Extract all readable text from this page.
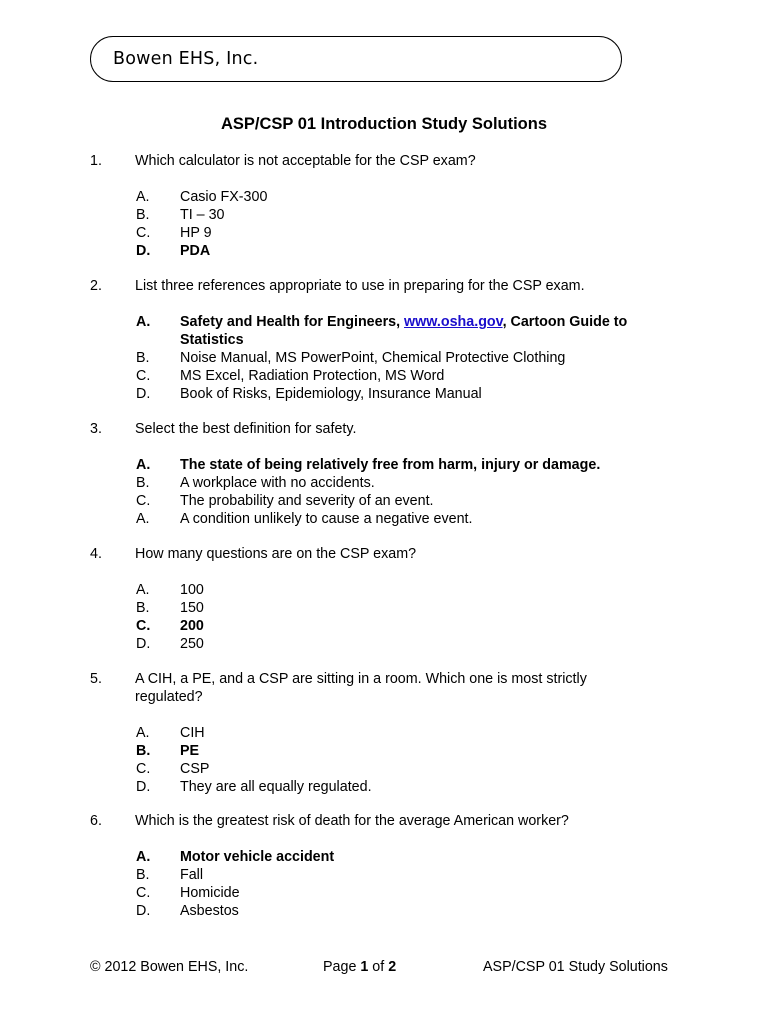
Bowen EHS, Inc.
ASP/CSP 01 Introduction Study Solutions
1. Which calculator is not acceptable for the CSP exam?
A. Casio FX-300
B. TI – 30
C. HP 9
D. PDA
2. List three references appropriate to use in preparing for the CSP exam.
A. Safety and Health for Engineers, www.osha.gov, Cartoon Guide to Statistics
B. Noise Manual, MS PowerPoint, Chemical Protective Clothing
C. MS Excel, Radiation Protection, MS Word
D. Book of Risks, Epidemiology, Insurance Manual
3. Select the best definition for safety.
A. The state of being relatively free from harm, injury or damage.
B. A workplace with no accidents.
C. The probability and severity of an event.
A. A condition unlikely to cause a negative event.
4. How many questions are on the CSP exam?
A. 100
B. 150
C. 200
D. 250
5. A CIH, a PE, and a CSP are sitting in a room. Which one is most strictly regulated?
A. CIH
B. PE
C. CSP
D. They are all equally regulated.
6. Which is the greatest risk of death for the average American worker?
A. Motor vehicle accident
B. Fall
C. Homicide
D. Asbestos
© 2012 Bowen EHS, Inc.	Page 1 of 2	ASP/CSP 01 Study Solutions
